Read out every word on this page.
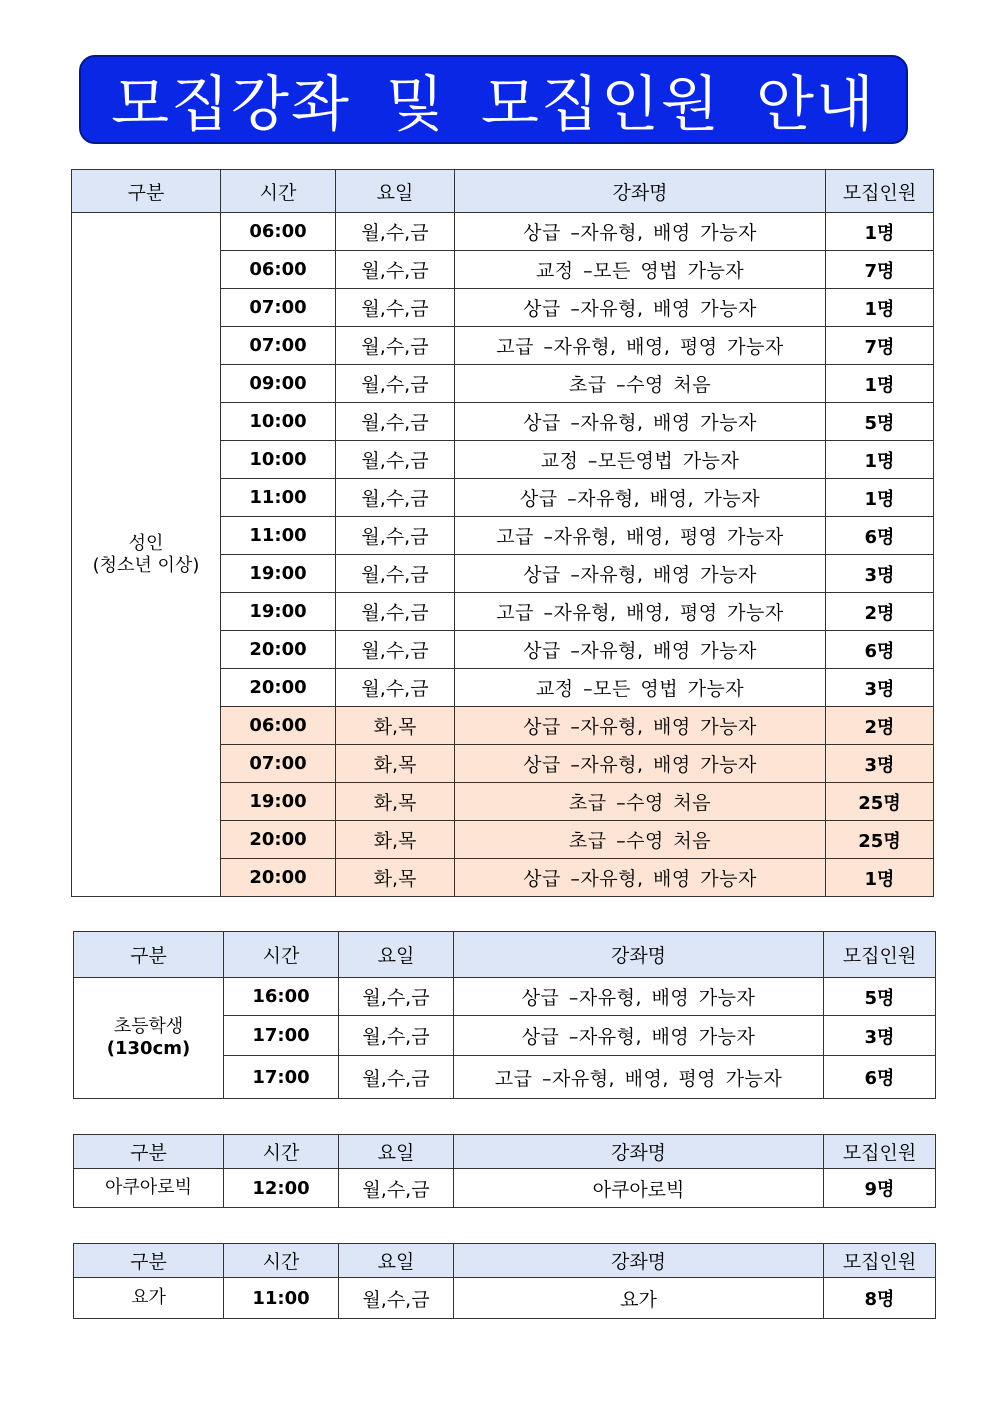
모집강좌 및 모집인원 안내
구분	시간	요일	강좌명	모집인원

성인
(청소년 이상)	06:00	월,수,금	상급 –자유형, 배영 가능자	1명
	06:00	월,수,금	교정 –모든 영법 가능자	7명
	07:00	월,수,금	상급 –자유형, 배영 가능자	1명
	07:00	월,수,금	고급 –자유형, 배영, 평영 가능자	7명
	09:00	월,수,금	초급 –수영 처음	1명
	10:00	월,수,금	상급 –자유형, 배영 가능자	5명
	10:00	월,수,금	교정 –모든영법 가능자	1명
	11:00	월,수,금	상급 –자유형, 배영, 가능자	1명
	11:00	월,수,금	고급 –자유형, 배영, 평영 가능자	6명
	19:00	월,수,금	상급 –자유형, 배영 가능자	3명
	19:00	월,수,금	고급 –자유형, 배영, 평영 가능자	2명
	20:00	월,수,금	상급 –자유형, 배영 가능자	6명
	20:00	월,수,금	교정 –모든 영법 가능자	3명
	06:00	화,목	상급 –자유형, 배영 가능자	2명
	07:00	화,목	상급 –자유형, 배영 가능자	3명
	19:00	화,목	초급 –수영 처음	25명
	20:00	화,목	초급 –수영 처음	25명
	20:00	화,목	상급 –자유형, 배영 가능자	1명
구분	시간	요일	강좌명	모집인원

초등학생
(130cm)	16:00	월,수,금	상급 –자유형, 배영 가능자	5명
	17:00	월,수,금	상급 –자유형, 배영 가능자	3명
	17:00	월,수,금	고급 –자유형, 배영, 평영 가능자	6명
구분	시간	요일	강좌명	모집인원
아쿠아로빅	12:00	월,수,금	아쿠아로빅	9명
구분	시간	요일	강좌명	모집인원
요가	11:00	월,수,금	요가	8명
